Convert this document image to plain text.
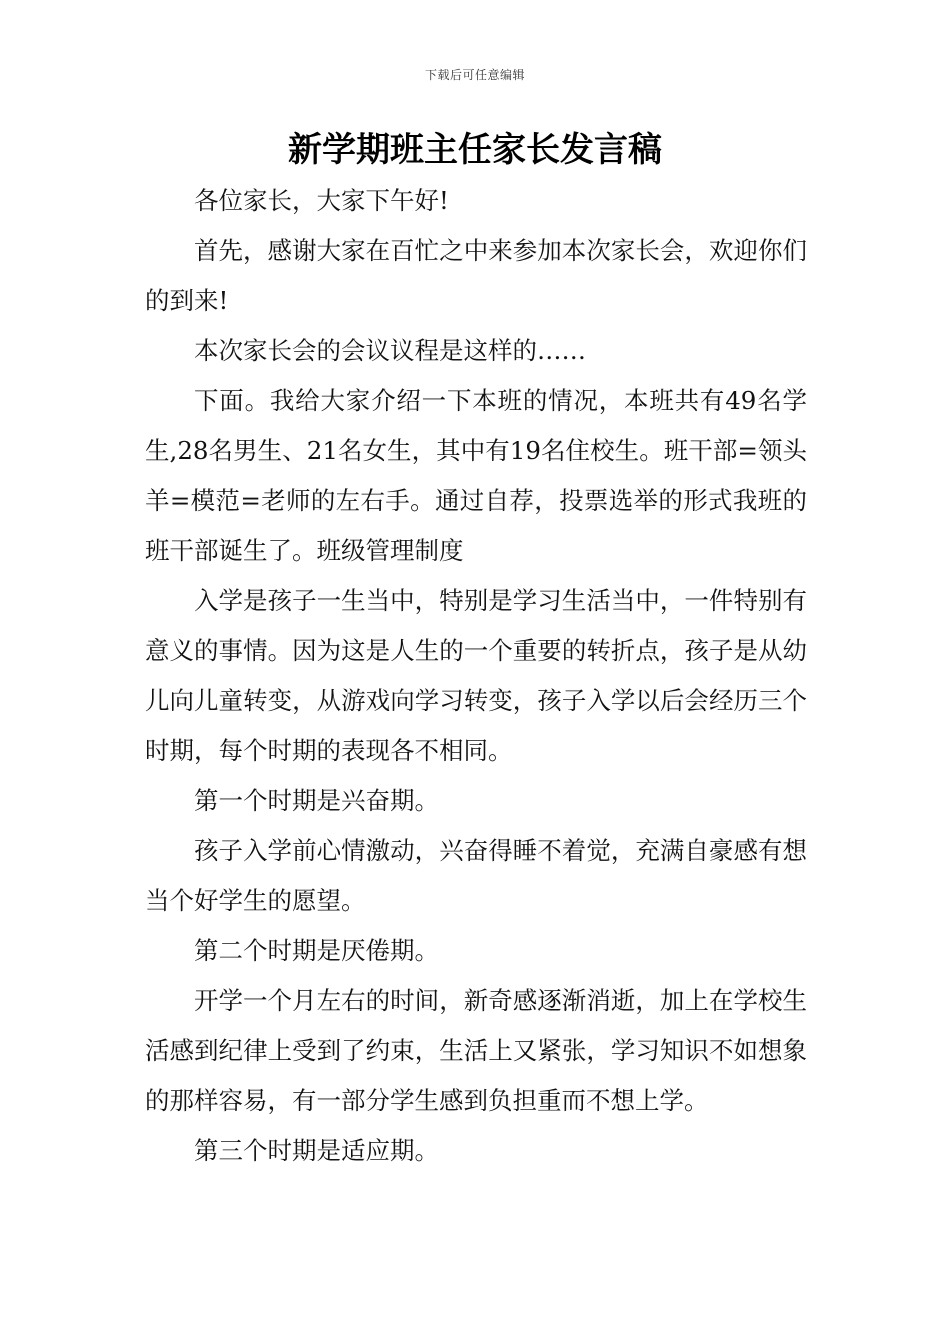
下载后可任意编辑
新学期班主任家长发言稿

各位家长，大家下午好!

首先，感谢大家在百忙之中来参加本次家长会，欢迎你们的到来!

本次家长会的会议议程是这样的……

下面。我给大家介绍一下本班的情况，本班共有49名学生,28名男生、21名女生，其中有19名住校生。班干部=领头羊=模范=老师的左右手。通过自荐，投票选举的形式我班的班干部诞生了。班级管理制度

入学是孩子一生当中，特别是学习生活当中，一件特别有意义的事情。因为这是人生的一个重要的转折点，孩子是从幼儿向儿童转变，从游戏向学习转变，孩子入学以后会经历三个时期，每个时期的表现各不相同。

第一个时期是兴奋期。

孩子入学前心情激动，兴奋得睡不着觉，充满自豪感有想当个好学生的愿望。

第二个时期是厌倦期。

开学一个月左右的时间，新奇感逐渐消逝，加上在学校生活感到纪律上受到了约束，生活上又紧张，学习知识不如想象的那样容易，有一部分学生感到负担重而不想上学。

第三个时期是适应期。
